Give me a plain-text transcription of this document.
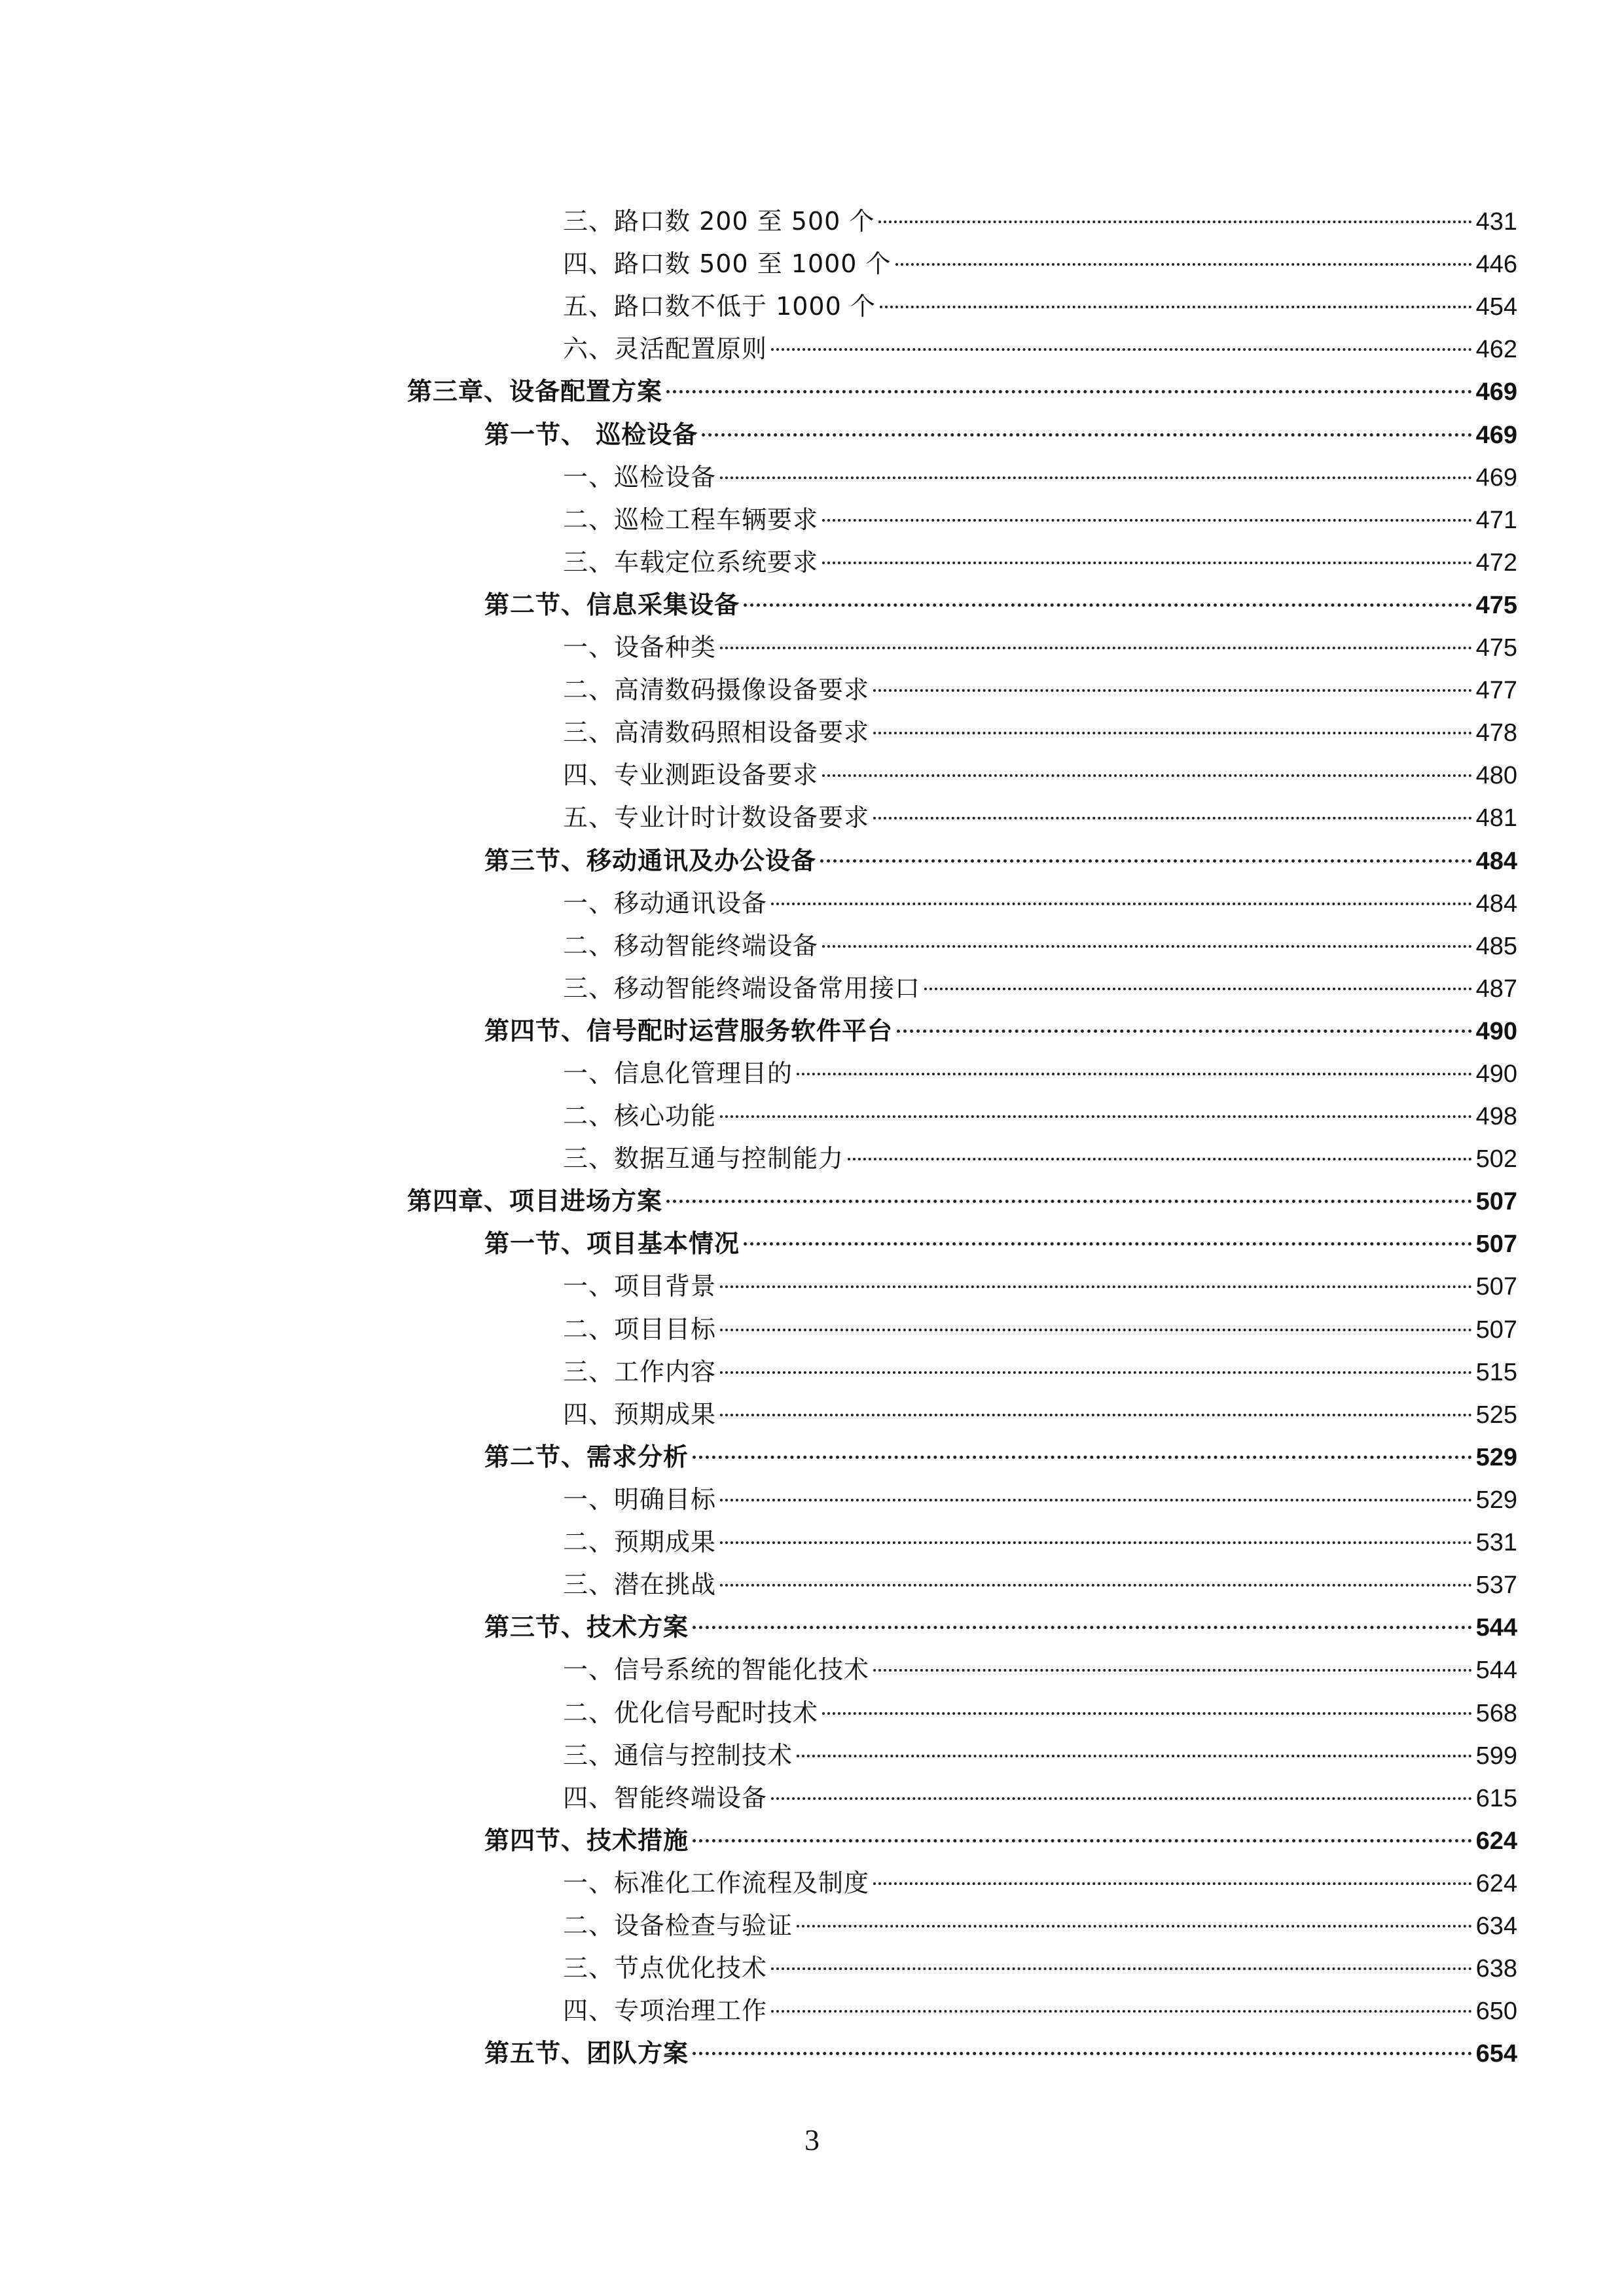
三、路口数 200 至 500 个	431
四、路口数 500 至 1000 个	446
五、路口数不低于 1000 个	454
六、灵活配置原则	462
第三章、设备配置方案	469
第一节、 巡检设备	469
一、巡检设备	469
二、巡检工程车辆要求	471
三、车载定位系统要求	472
第二节、信息采集设备	475
一、设备种类	475
二、高清数码摄像设备要求	477
三、高清数码照相设备要求	478
四、专业测距设备要求	480
五、专业计时计数设备要求	481
第三节、移动通讯及办公设备	484
一、移动通讯设备	484
二、移动智能终端设备	485
三、移动智能终端设备常用接口	487
第四节、信号配时运营服务软件平台	490
一、信息化管理目的	490
二、核心功能	498
三、数据互通与控制能力	502
第四章、项目进场方案	507
第一节、项目基本情况	507
一、项目背景	507
二、项目目标	507
三、工作内容	515
四、预期成果	525
第二节、需求分析	529
一、明确目标	529
二、预期成果	531
三、潜在挑战	537
第三节、技术方案	544
一、信号系统的智能化技术	544
二、优化信号配时技术	568
三、通信与控制技术	599
四、智能终端设备	615
第四节、技术措施	624
一、标准化工作流程及制度	624
二、设备检查与验证	634
三、节点优化技术	638
四、专项治理工作	650
第五节、团队方案	654
3
